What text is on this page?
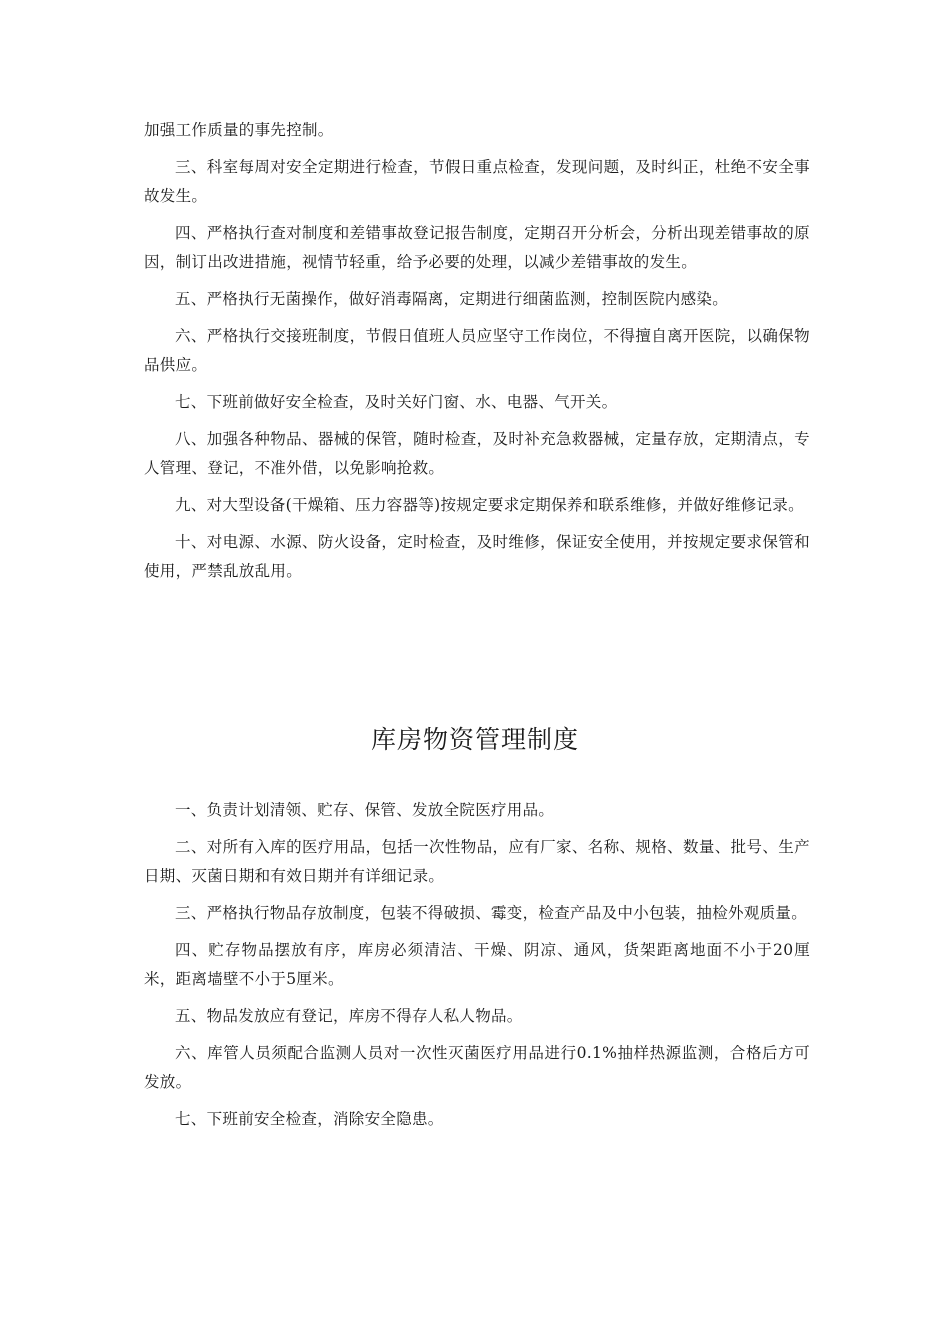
加强工作质量的事先控制。

三、科室每周对安全定期进行检查，节假日重点检查，发现问题，及时纠正，杜绝不安全事故发生。

四、严格执行查对制度和差错事故登记报告制度，定期召开分析会，分析出现差错事故的原因，制订出改进措施，视情节轻重，给予必要的处理，以减少差错事故的发生。

五、严格执行无菌操作，做好消毒隔离，定期进行细菌监测，控制医院内感染。

六、严格执行交接班制度，节假日值班人员应坚守工作岗位，不得擅自离开医院，以确保物品供应。

七、下班前做好安全检查，及时关好门窗、水、电器、气开关。

八、加强各种物品、器械的保管，随时检查，及时补充急救器械，定量存放，定期清点，专人管理、登记，不准外借，以免影响抢救。

九、对大型设备(干燥箱、压力容器等)按规定要求定期保养和联系维修，并做好维修记录。

十、对电源、水源、防火设备，定时检查，及时维修，保证安全使用，并按规定要求保管和使用，严禁乱放乱用。

库房物资管理制度

一、负责计划清领、贮存、保管、发放全院医疗用品。

二、对所有入库的医疗用品，包括一次性物品，应有厂家、名称、规格、数量、批号、生产日期、灭菌日期和有效日期并有详细记录。

三、严格执行物品存放制度，包装不得破损、霉变，检查产品及中小包装，抽检外观质量。

四、贮存物品摆放有序，库房必须清洁、干燥、阴凉、通风，货架距离地面不小于20厘米，距离墙壁不小于5厘米。

五、物品发放应有登记，库房不得存人私人物品。

六、库管人员须配合监测人员对一次性灭菌医疗用品进行0.1%抽样热源监测，合格后方可发放。

七、下班前安全检查，消除安全隐患。
